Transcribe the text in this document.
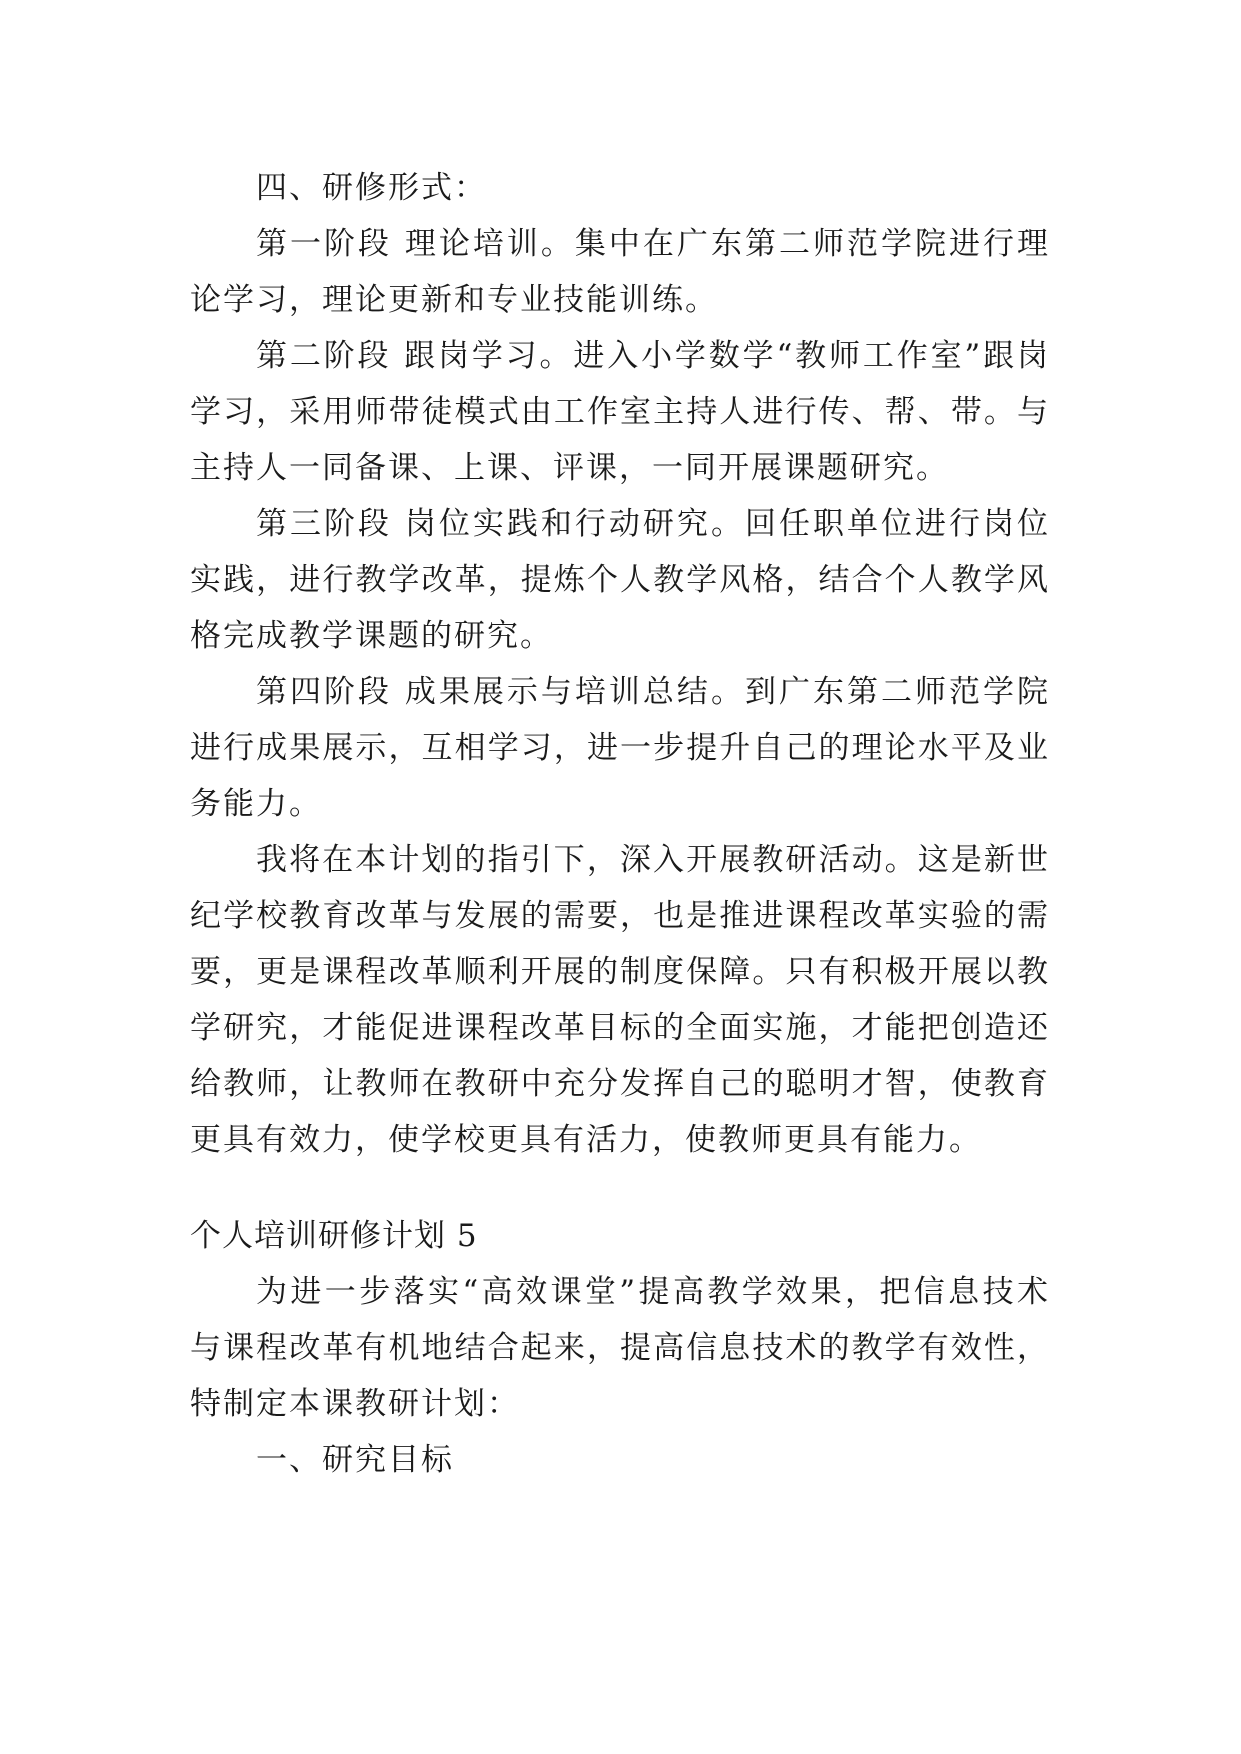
四、研修形式：

第一阶段 理论培训。集中在广东第二师范学院进行理论学习，理论更新和专业技能训练。

第二阶段 跟岗学习。进入小学数学“教师工作室”跟岗学习，采用师带徒模式由工作室主持人进行传、帮、带。与主持人一同备课、上课、评课，一同开展课题研究。

第三阶段 岗位实践和行动研究。回任职单位进行岗位实践，进行教学改革，提炼个人教学风格，结合个人教学风格完成教学课题的研究。

第四阶段 成果展示与培训总结。到广东第二师范学院进行成果展示，互相学习，进一步提升自己的理论水平及业务能力。

我将在本计划的指引下，深入开展教研活动。这是新世纪学校教育改革与发展的需要，也是推进课程改革实验的需要，更是课程改革顺利开展的制度保障。只有积极开展以教学研究，才能促进课程改革目标的全面实施，才能把创造还给教师，让教师在教研中充分发挥自己的聪明才智，使教育更具有效力，使学校更具有活力，使教师更具有能力。

个人培训研修计划 5

为进一步落实“高效课堂”提高教学效果，把信息技术与课程改革有机地结合起来，提高信息技术的教学有效性，特制定本课教研计划：

一、研究目标
